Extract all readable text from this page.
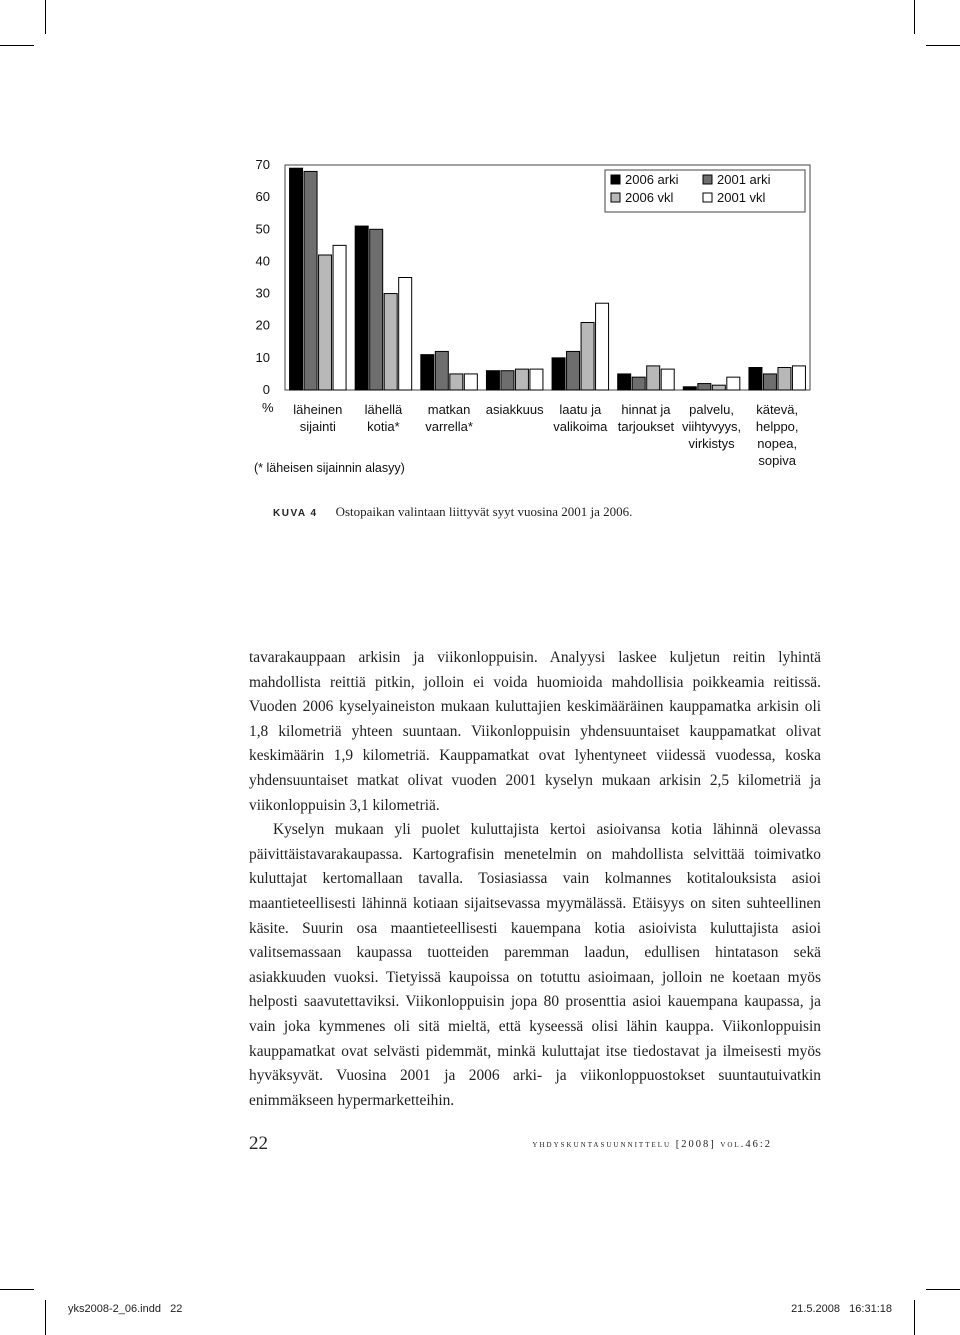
0
10
20
30
40
50
60
70
% läheinen
sijainti
lähellä
kotia*
matkan
varrella*
asiakkuus laatu ja
valikoima
hinnat ja
tarjoukset
palvelu,
viihtyvyys,
virkistys
kätevä,
helppo,
nopea,
sopiva
2006 arki	2001 arki
2006 vkl	2001 vkl
(* läheisen sijainnin alasyy)
KUVA 4 Ostopaikan valintaan liittyvät syyt vuosina 2001 ja 2006.

tavarakauppaan arkisin ja viikonloppuisin. Analyysi laskee kuljetun reitin lyhintä mahdollista reittiä pitkin, jolloin ei voida huomioida mahdollisia poikkeamia reitissä. Vuoden 2006 kyselyaineiston mukaan kuluttajien keskimääräinen kauppamatka arkisin oli 1,8 kilometriä yhteen suuntaan. Viikonloppuisin yhdensuuntaiset kauppamatkat olivat keskimäärin 1,9 kilometriä. Kauppamatkat ovat lyhentyneet viidessä vuodessa, koska yhdensuuntaiset matkat olivat vuoden 2001 kyselyn mukaan arkisin 2,5 kilometriä ja viikonloppuisin 3,1 kilometriä.

Kyselyn mukaan yli puolet kuluttajista kertoi asioivansa kotia lähinnä olevassa päivittäistavarakaupassa. Kartografisin menetelmin on mahdollista selvittää toimivatko kuluttajat kertomallaan tavalla. Tosiasiassa vain kolmannes kotitalouksista asioi maantieteellisesti lähinnä kotiaan sijaitsevassa myymälässä. Etäisyys on siten suhteellinen käsite. Suurin osa maantieteellisesti kauempana kotia asioivista kuluttajista asioi valitsemassaan kaupassa tuotteiden paremman laadun, edullisen hintatason sekä asiakkuuden vuoksi. Tietyissä kaupoissa on totuttu asioimaan, jolloin ne koetaan myös helposti saavutettaviksi. Viikonloppuisin jopa 80 prosenttia asioi kauempana kaupassa, ja vain joka kymmenes oli sitä mieltä, että kyseessä olisi lähin kauppa. Viikonloppuisin kauppamatkat ovat selvästi pidemmät, minkä kuluttajat itse tiedostavat ja ilmeisesti myös hyväksyvät. Vuosina 2001 ja 2006 arki- ja viikonloppuostokset suuntautuivatkin enimmäkseen hypermarketteihin.

22	yhdyskuntasuunnittelu [2008] vol.46:2
yks2008-2_06.indd   22	21.5.2008   16:31:18
